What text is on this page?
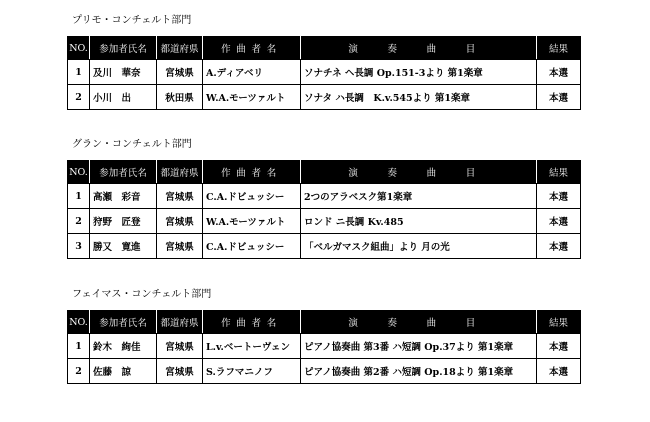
プリモ・コンチェルト部門
NO.	参加者氏名	都道府県	作曲者名	演 奏 曲 目	結果
1	及川　華奈	宮城県	A.ディアベリ	ソナチネ ヘ長調 Op.151-3より 第1楽章	本選
2	小川　出	秋田県	W.A.モーツァルト	ソナタ ハ長調　K.v.545より 第1楽章	本選
グラン・コンチェルト部門
NO.	参加者氏名	都道府県	作曲者名	演 奏 曲 目	結果
1	高瀬　彩音	宮城県	C.A.ドビュッシー	2つのアラベスク第1楽章	本選
2	狩野　匠登	宮城県	W.A.モーツァルト	ロンド ニ長調 Kv.485	本選
3	勝又　寛進	宮城県	C.A.ドビュッシー	「ベルガマスク組曲」より 月の光	本選
フェイマス・コンチェルト部門
NO.	参加者氏名	都道府県	作曲者名	演 奏 曲 目	結果
1	鈴木　絢佳	宮城県	L.v.ベートーヴェン	ピアノ協奏曲 第3番 ハ短調 Op.37より 第1楽章	本選
2	佐藤　諒	宮城県	S.ラフマニノフ	ピアノ協奏曲 第2番 ハ短調 Op.18より 第1楽章	本選
